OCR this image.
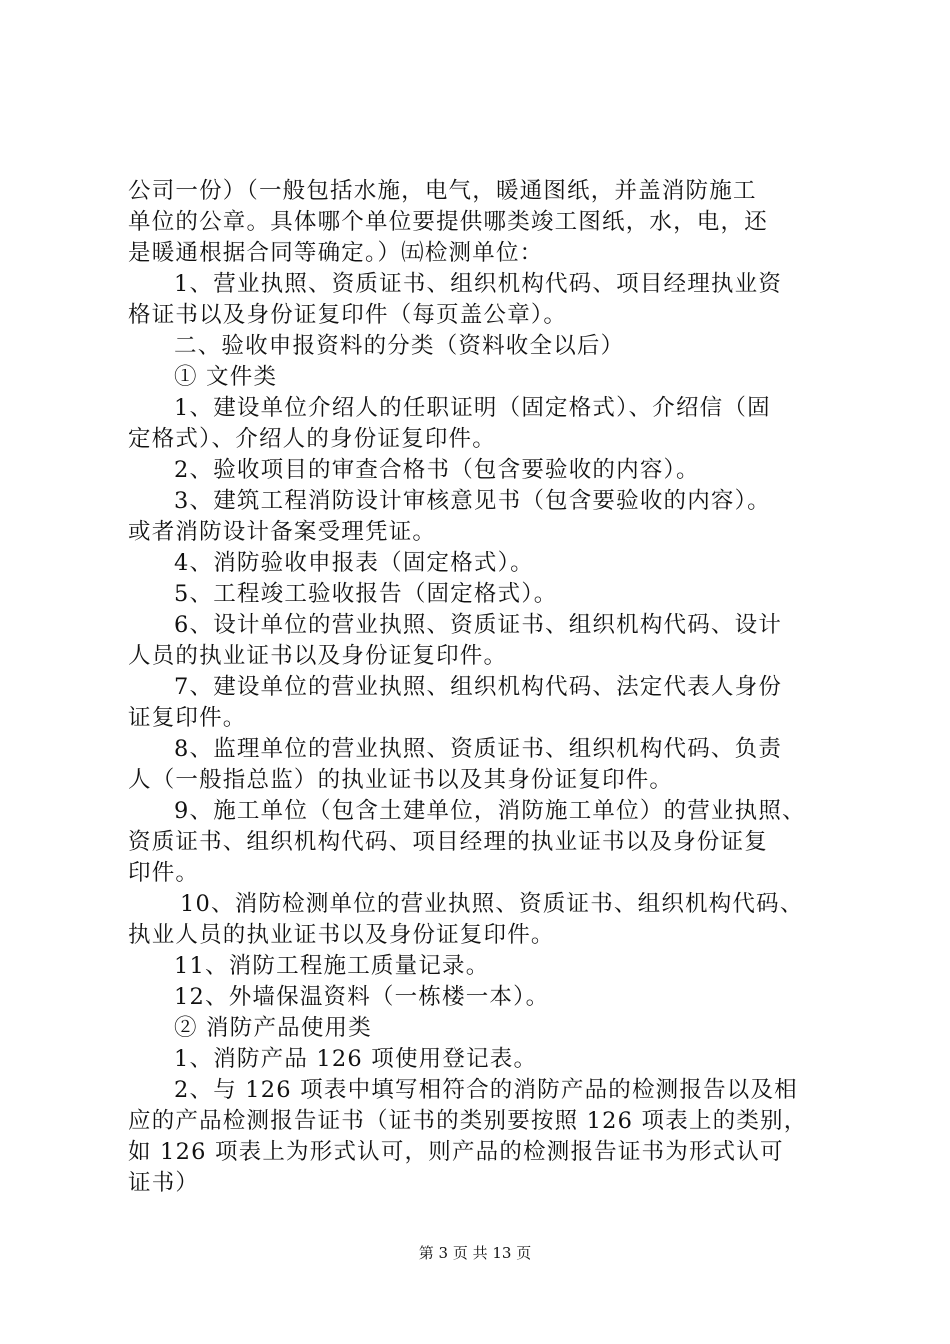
公司一份）（一般包括水施，电气，暖通图纸，并盖消防施工
单位的公章。具体哪个单位要提供哪类竣工图纸，水，电，还
是暖通根据合同等确定。）㈤检测单位：
1、营业执照、资质证书、组织机构代码、项目经理执业资
格证书以及身份证复印件（每页盖公章）。
二、验收申报资料的分类（资料收全以后）
① 文件类
1、建设单位介绍人的任职证明（固定格式）、介绍信（固
定格式）、介绍人的身份证复印件。
2、验收项目的审查合格书（包含要验收的内容）。
3、建筑工程消防设计审核意见书（包含要验收的内容）。
或者消防设计备案受理凭证。
4、消防验收申报表（固定格式）。
5、工程竣工验收报告（固定格式）。
6、设计单位的营业执照、资质证书、组织机构代码、设计
人员的执业证书以及身份证复印件。
7、建设单位的营业执照、组织机构代码、法定代表人身份
证复印件。
8、监理单位的营业执照、资质证书、组织机构代码、负责
人（一般指总监）的执业证书以及其身份证复印件。
9、施工单位（包含土建单位，消防施工单位）的营业执照、
资质证书、组织机构代码、项目经理的执业证书以及身份证复
印件。
10、消防检测单位的营业执照、资质证书、组织机构代码、
执业人员的执业证书以及身份证复印件。
11、消防工程施工质量记录。
12、外墙保温资料（一栋楼一本）。
② 消防产品使用类
1、消防产品 126 项使用登记表。
2、与 126 项表中填写相符合的消防产品的检测报告以及相
应的产品检测报告证书（证书的类别要按照 126 项表上的类别，
如 126 项表上为形式认可，则产品的检测报告证书为形式认可
证书）
第 3 页 共 13 页
